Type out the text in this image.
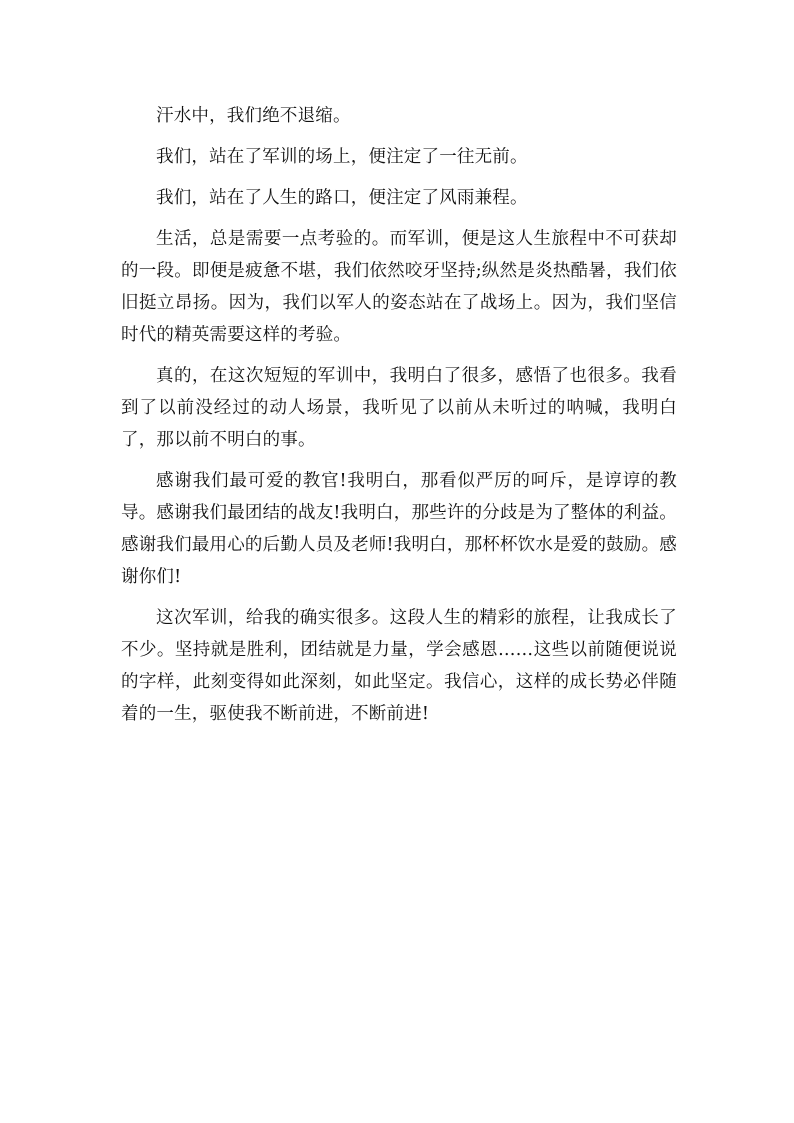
汗水中，我们绝不退缩。

我们，站在了军训的场上，便注定了一往无前。

我们，站在了人生的路口，便注定了风雨兼程。

生活，总是需要一点考验的。而军训，便是这人生旅程中不可获却的一段。即便是疲惫不堪，我们依然咬牙坚持;纵然是炎热酷暑，我们依旧挺立昂扬。因为，我们以军人的姿态站在了战场上。因为，我们坚信时代的精英需要这样的考验。

真的，在这次短短的军训中，我明白了很多，感悟了也很多。我看到了以前没经过的动人场景，我听见了以前从未听过的呐喊，我明白了，那以前不明白的事。

感谢我们最可爱的教官!我明白，那看似严厉的呵斥，是谆谆的教导。感谢我们最团结的战友!我明白，那些许的分歧是为了整体的利益。感谢我们最用心的后勤人员及老师!我明白，那杯杯饮水是爱的鼓励。感谢你们!

这次军训，给我的确实很多。这段人生的精彩的旅程，让我成长了不少。坚持就是胜利，团结就是力量，学会感恩……这些以前随便说说的字样，此刻变得如此深刻，如此坚定。我信心，这样的成长势必伴随着的一生，驱使我不断前进，不断前进!
